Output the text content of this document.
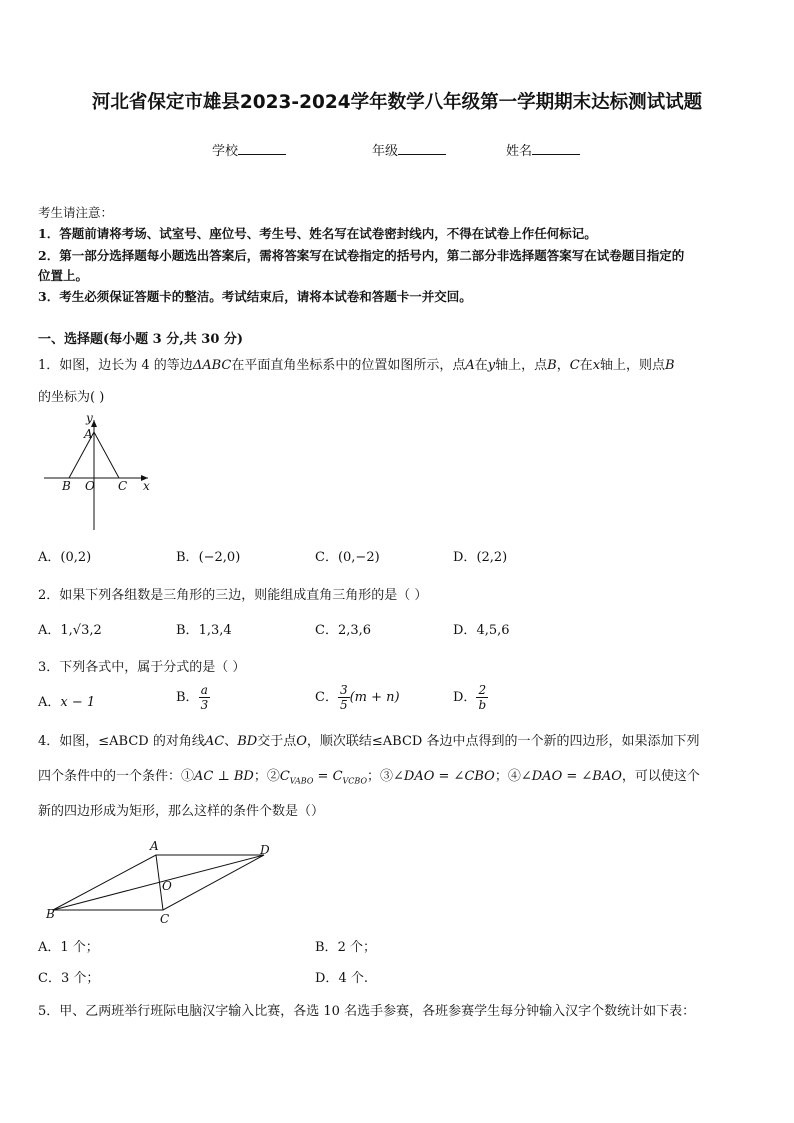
河北省保定市雄县2023-2024学年数学八年级第一学期期末达标测试试题
学校	年级	姓名
考生请注意：
1．答题前请将考场、试室号、座位号、考生号、姓名写在试卷密封线内，不得在试卷上作任何标记。
2．第一部分选择题每小题选出答案后，需将答案写在试卷指定的括号内，第二部分非选择题答案写在试卷题目指定的
位置上。
3．考生必须保证答题卡的整洁。考试结束后，请将本试卷和答题卡一并交回。
一、选择题(每小题 3 分,共 30 分)
1．如图，边长为 4 的等边ΔABC在平面直角坐标系中的位置如图所示，点A在y轴上，点B，C在x轴上，则点B
的坐标为( )
y
A
B O C x
A．(0,2)	B．(−2,0)	C．(0,−2)	D．(2,2)
2．如果下列各组数是三角形的三边，则能组成直角三角形的是（ ）
A．1,√3,2	B．1,3,4	C．2,3,6	D．4,5,6
3．下列各式中，属于分式的是（ ）
A．x − 1	B． $\frac{a}{3}$	C． $\frac{3}{5} (m + n)$	D． $\frac{2}{b}$
4．如图，≤ABCD 的对角线AC、BD交于点O，顺次联结≤ABCD 各边中点得到的一个新的四边形，如果添加下列
四个条件中的一个条件：①AC ⊥ BD；$②C_{VABO} = C_{VCBO}$；③∠DAO = ∠CBO；④∠DAO = ∠BAO，可以使这个
新的四边形成为矩形，那么这样的条件个数是（）
A	D
O
B	C
A．1 个；	B．2 个；
C．3 个；	D．4 个.
5．甲、乙两班举行班际电脑汉字输入比赛，各选 10 名选手参赛，各班参赛学生每分钟输入汉字个数统计如下表：
